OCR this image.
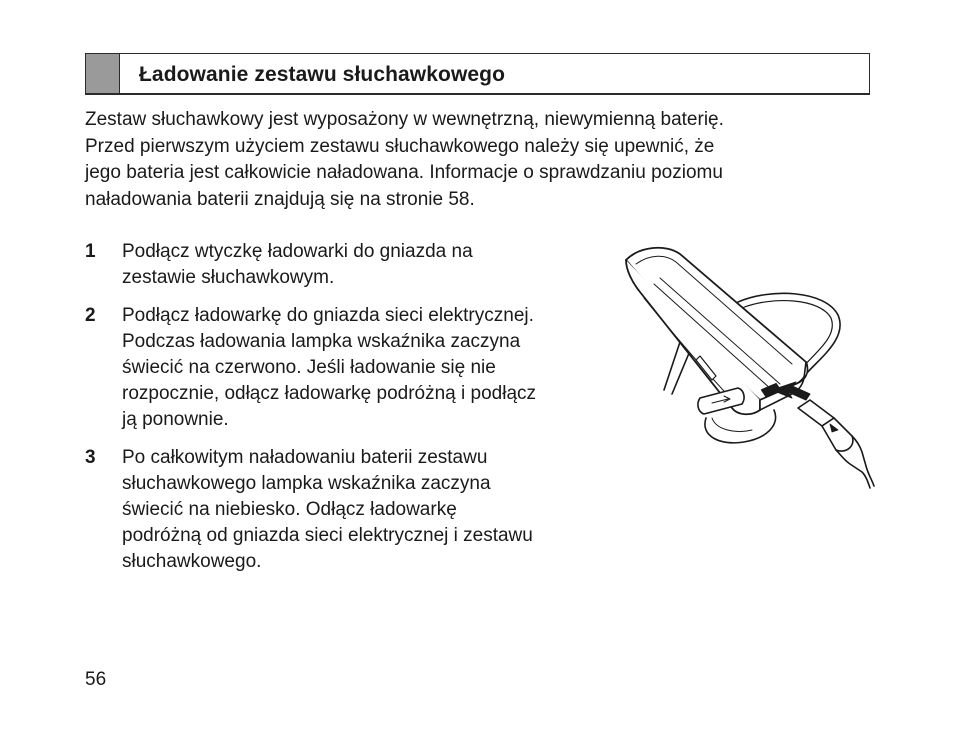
Ładowanie zestawu słuchawkowego

Zestaw słuchawkowy jest wyposażony w wewnętrzną, niewymienną baterię.
Przed pierwszym użyciem zestawu słuchawkowego należy się upewnić, że
jego bateria jest całkowicie naładowana. Informacje o sprawdzaniu poziomu
naładowania baterii znajdują się na stronie 58.

1 Podłącz wtyczkę ładowarki do gniazda na
zestawie słuchawkowym.
2 Podłącz ładowarkę do gniazda sieci elektrycznej.
Podczas ładowania lampka wskaźnika zaczyna
świecić na czerwono. Jeśli ładowanie się nie
rozpocznie, odłącz ładowarkę podróżną i podłącz
ją ponownie.
3 Po całkowitym naładowaniu baterii zestawu
słuchawkowego lampka wskaźnika zaczyna
świecić na niebiesko. Odłącz ładowarkę
podróżną od gniazda sieci elektrycznej i zestawu
słuchawkowego.
56
